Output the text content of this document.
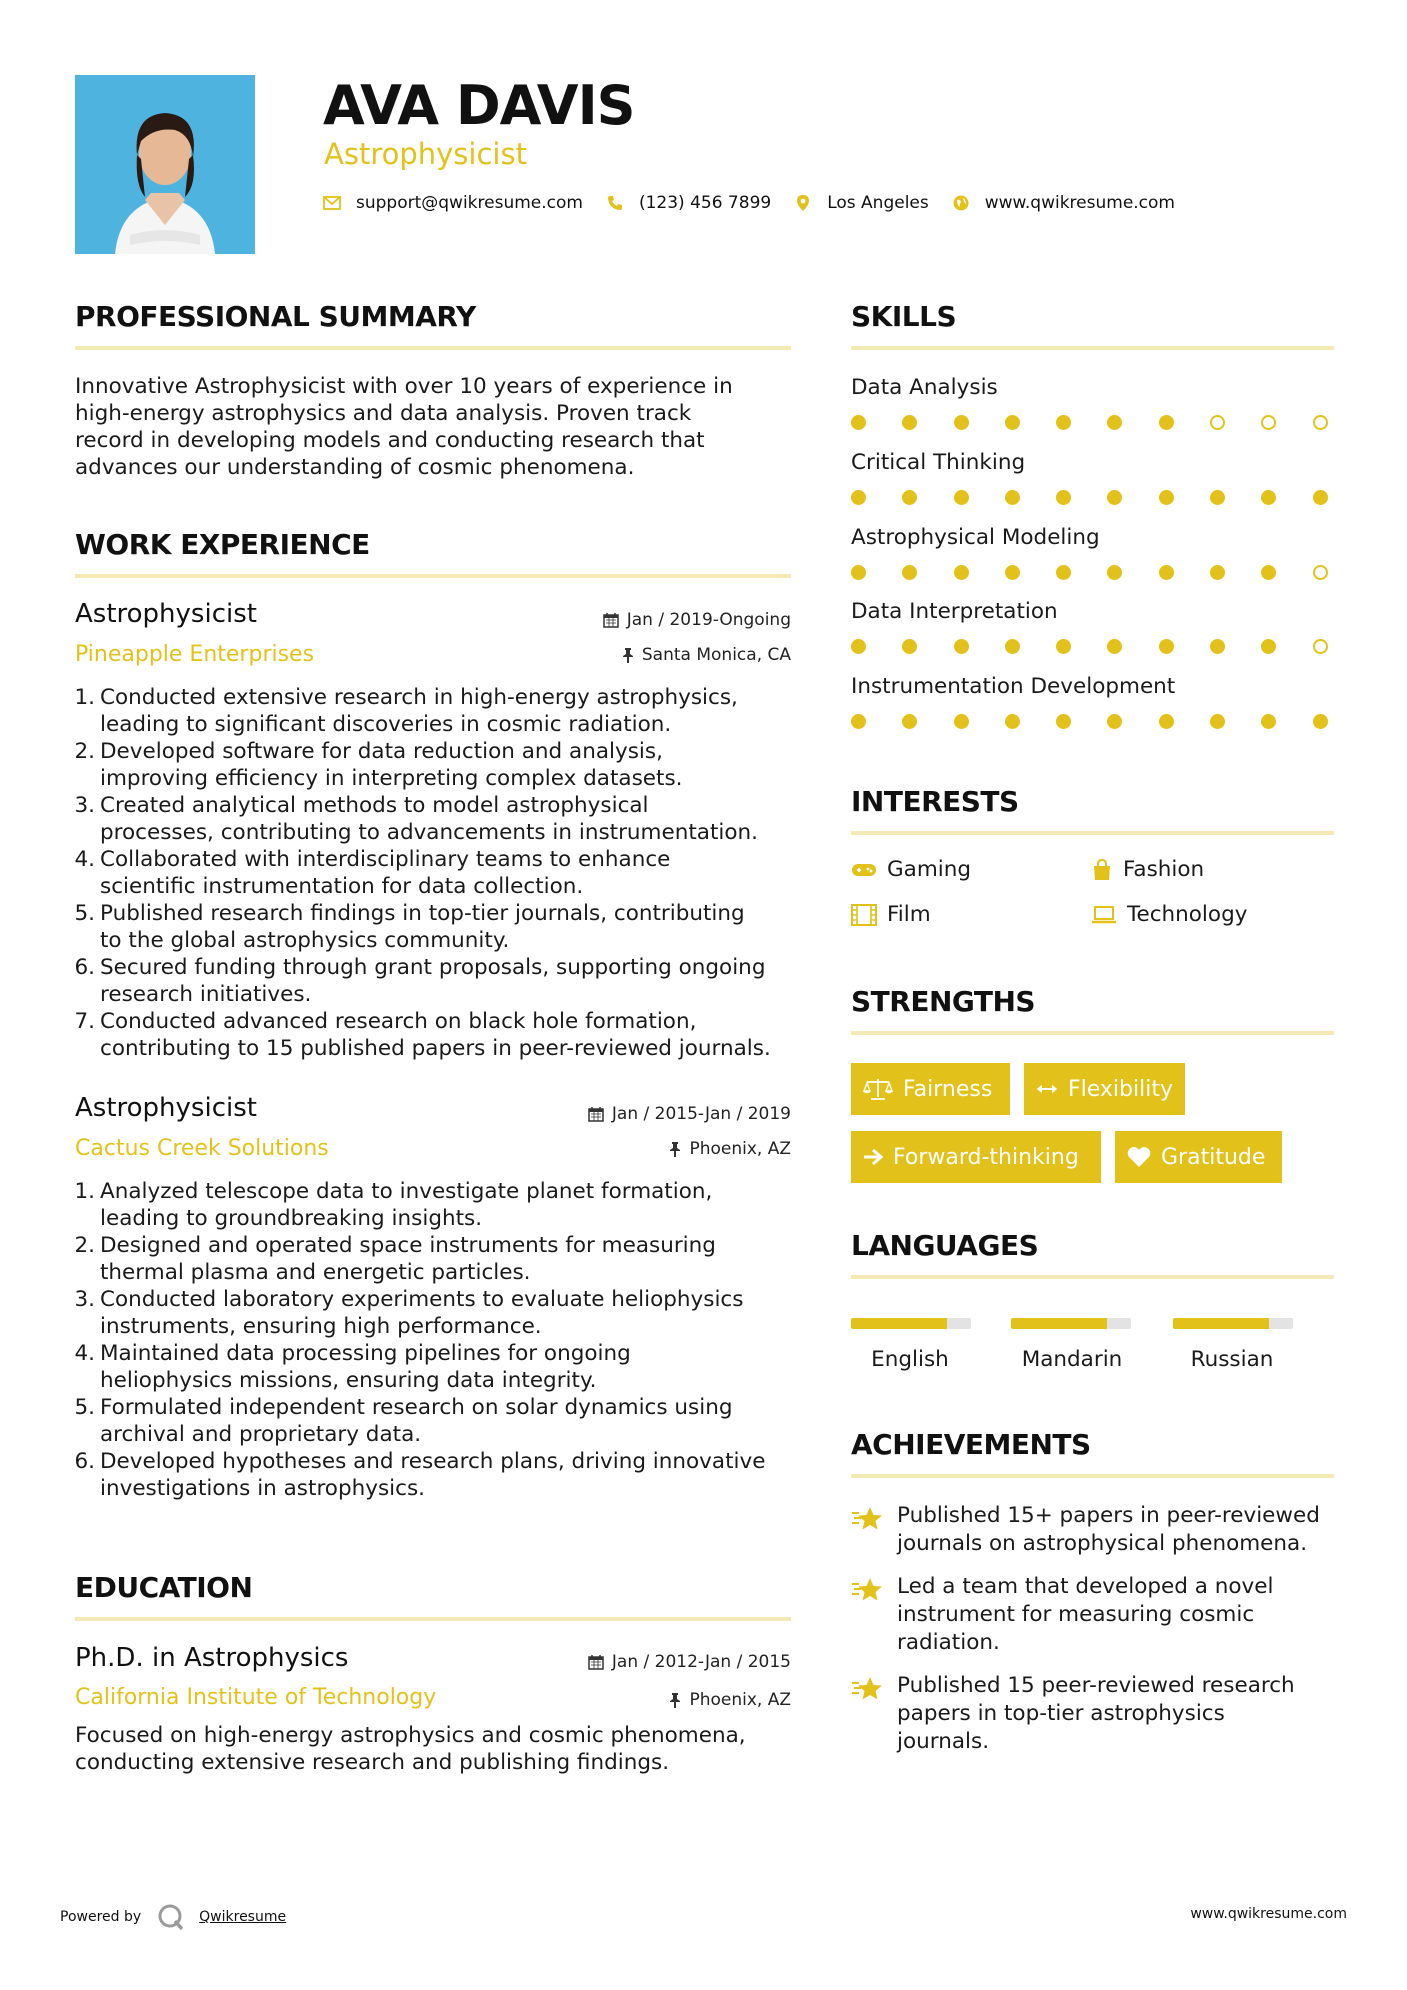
AVA DAVIS
Astrophysicist
support@qwikresume.com	(123) 456 7899	Los Angeles	www.qwikresume.com
PROFESSIONAL SUMMARY
Innovative Astrophysicist with over 10 years of experience in
high-energy astrophysics and data analysis. Proven track
record in developing models and conducting research that
advances our understanding of cosmic phenomena.
WORK EXPERIENCE
Astrophysicist	Jan / 2019-Ongoing
Pineapple Enterprises	Santa Monica, CA
1. Conducted extensive research in high-energy astrophysics,
leading to significant discoveries in cosmic radiation.
2. Developed software for data reduction and analysis,
improving efficiency in interpreting complex datasets.
3. Created analytical methods to model astrophysical
processes, contributing to advancements in instrumentation.
4. Collaborated with interdisciplinary teams to enhance
scientific instrumentation for data collection.
5. Published research findings in top-tier journals, contributing
to the global astrophysics community.
6. Secured funding through grant proposals, supporting ongoing
research initiatives.
7. Conducted advanced research on black hole formation,
contributing to 15 published papers in peer-reviewed journals.
Astrophysicist	Jan / 2015-Jan / 2019
Cactus Creek Solutions	Phoenix, AZ
1. Analyzed telescope data to investigate planet formation,
leading to groundbreaking insights.
2. Designed and operated space instruments for measuring
thermal plasma and energetic particles.
3. Conducted laboratory experiments to evaluate heliophysics
instruments, ensuring high performance.
4. Maintained data processing pipelines for ongoing
heliophysics missions, ensuring data integrity.
5. Formulated independent research on solar dynamics using
archival and proprietary data.
6. Developed hypotheses and research plans, driving innovative
investigations in astrophysics.
EDUCATION
Ph.D. in Astrophysics	Jan / 2012-Jan / 2015
California Institute of Technology	Phoenix, AZ
Focused on high-energy astrophysics and cosmic phenomena,
conducting extensive research and publishing findings.
SKILLS
Data Analysis
Critical Thinking
Astrophysical Modeling
Data Interpretation
Instrumentation Development
INTERESTS
Gaming	Fashion
Film	Technology
STRENGTHS
Fairness	Flexibility
Forward-thinking	Gratitude
LANGUAGES
English	Mandarin	Russian
ACHIEVEMENTS
Published 15+ papers in peer-reviewed
journals on astrophysical phenomena.
Led a team that developed a novel
instrument for measuring cosmic
radiation.
Published 15 peer-reviewed research
papers in top-tier astrophysics
journals.
Powered by	Qwikresume	www.qwikresume.com
